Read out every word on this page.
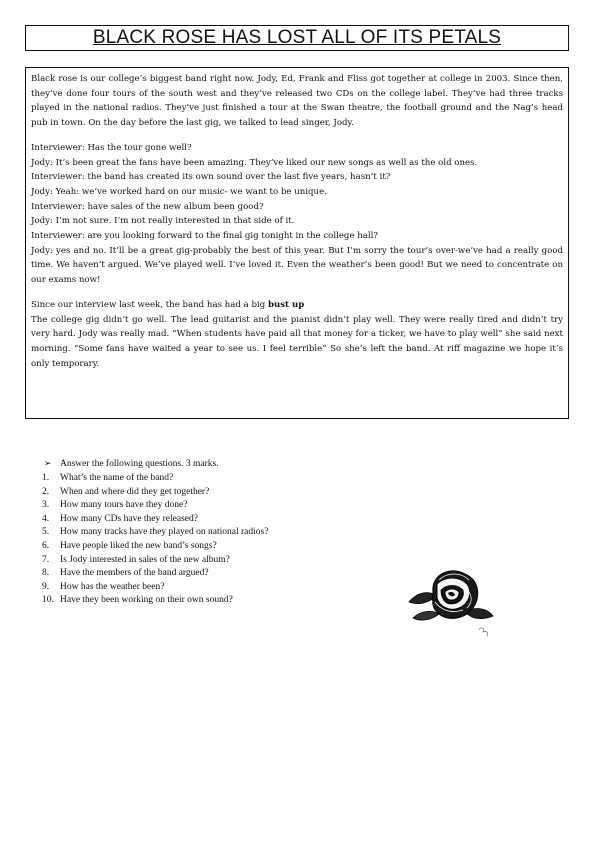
BLACK ROSE HAS LOST ALL OF ITS PETALS

Black rose is our college’s biggest band right now. Jody, Ed, Frank and Fliss got together at college in 2003. Since then, they’ve done four tours of the south west and they’ve released two CDs on the college label. They’ve had three tracks played in the national radios. They’ve just finished a tour at the Swan theatre, the football ground and the Nag’s head pub in town. On the day before the last gig, we talked to lead singer, Jody.

Interviewer: Has the tour gone well?

Jody: It’s been great the fans have been amazing. They’ve liked our new songs as well as the old ones.

Interviewer: the band has created its own sound over the last five years, hasn’t it?

Jody: Yeah: we’ve worked hard on our music- we want to be unique.

Interviewer: have sales of the new album been good?

Jody: I’m not sure. I’m not really interested in that side of it.

Interviewer: are you looking forward to the final gig tonight in the college hall?

Jody: yes and no. It’ll be a great gig-probably the best of this year. But I’m sorry the tour’s over-we’ve had a really good time. We haven’t argued. We’ve played well. I’ve loved it. Even the weather’s been good! But we need to concentrate on our exams now!

Since our interview last week, the band has had a big bust up

The college gig didn’t go well. The lead guitarist and the pianist didn’t play well. They were really tired and didn’t try very hard. Jody was really mad. “When students have paid all that money for a ticker, we have to play well” she said next morning. “Some fans have waited a year to see us. I feel terrible” So she’s left the band. At riff magazine we hope it’s only temporary.

➢ Answer the following questions. 3 marks.
1.	What’s the name of the band?
2.	When and where did they get together?
3.	How many tours have they done?
4.	How many CDs have they released?
5.	How many tracks have they played on national radios?
6.	Have people liked the new band’s songs?
7.	Is Jody interested in sales of the new album?
8.	Have the members of the band argued?
9.	How has the weather been?
10. Have they been working on their own sound?
